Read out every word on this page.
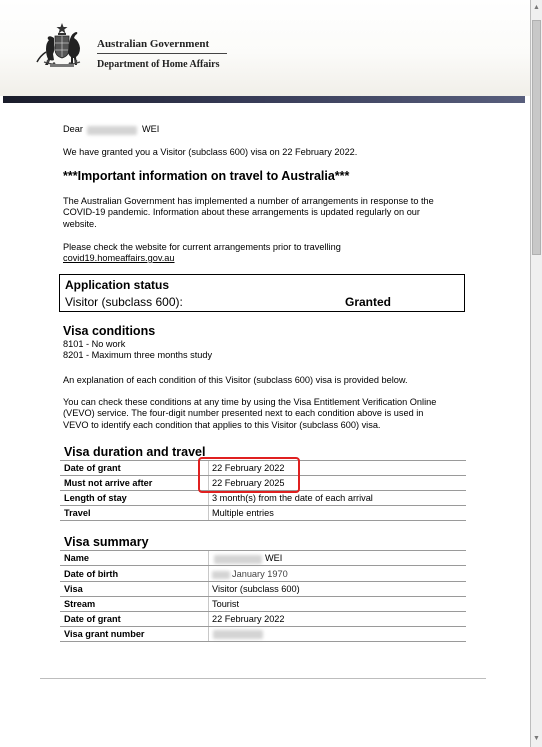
Australian Government
Department of Home Affairs
Dear	WEI
We have granted you a Visitor (subclass 600) visa on 22 February 2022.
***Important information on travel to Australia***
The Australian Government has implemented a number of arrangements in response to the
COVID-19 pandemic. Information about these arrangements is updated regularly on our
website.
Please check the website for current arrangements prior to travelling
covid19.homeaffairs.gov.au
Application status
Visitor (subclass 600):	Granted
Visa conditions
8101 - No work
8201 - Maximum three months study
An explanation of each condition of this Visitor (subclass 600) visa is provided below.
You can check these conditions at any time by using the Visa Entitlement Verification Online
(VEVO) service. The four-digit number presented next to each condition above is used in
VEVO to identify each condition that applies to this Visitor (subclass 600) visa.
Visa duration and travel
Date of grant	22 February 2022
Must not arrive after	22 February 2025
Length of stay	3 month(s) from the date of each arrival
Travel	Multiple entries
Visa summary
Name	WEI
Date of birth	January 1970
Visa	Visitor (subclass 600)
Stream	Tourist
Date of grant	22 February 2022
Visa grant number
▲
▼
